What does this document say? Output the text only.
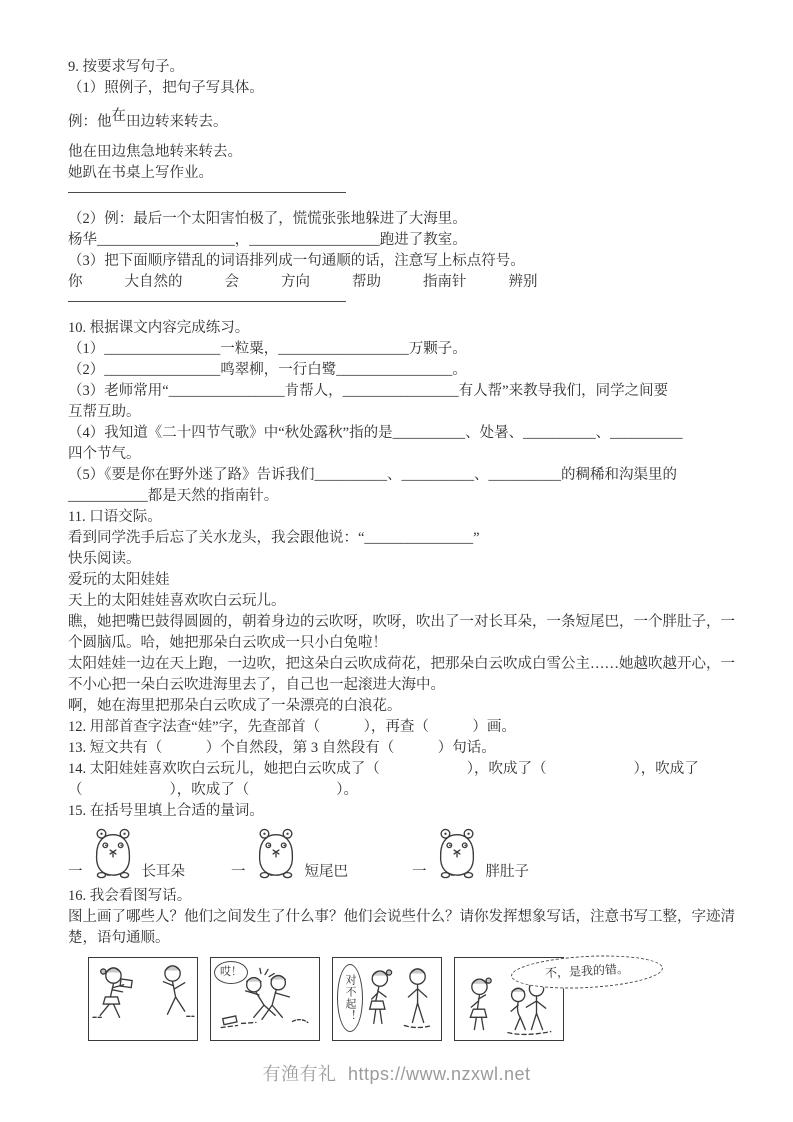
9. 按要求写句子。
（1）照例子，把句子写具体。
例：他在田边转来转去。
他在田边焦急地转来转去。
她趴在书桌上写作业。
（2）例：最后一个太阳害怕极了，慌慌张张地躲进了大海里。
杨华___________________，__________________跑进了教室。
（3）把下面顺序错乱的词语排列成一句通顺的话，注意写上标点符号。
你	大自然的	会	方向	帮助	指南针	辨别
10. 根据课文内容完成练习。
（1）________________一粒粟，__________________万颗子。
（2）________________鸣翠柳，一行白鹭________________。
（3）老师常用“________________肯帮人，________________有人帮”来教导我们，同学之间要
互帮互助。
（4）我知道《二十四节气歌》中“秋处露秋”指的是__________、处暑、__________、__________
四个节气。
（5）《要是你在野外迷了路》告诉我们__________、__________、__________的稠稀和沟渠里的
___________都是天然的指南针。
11. 口语交际。
看到同学洗手后忘了关水龙头，我会跟他说：“_______________”
快乐阅读。
爱玩的太阳娃娃
天上的太阳娃娃喜欢吹白云玩儿。
瞧，她把嘴巴鼓得圆圆的，朝着身边的云吹呀，吹呀，吹出了一对长耳朵，一条短尾巴，一个胖肚子，一
个圆脑瓜。哈，她把那朵白云吹成一只小白兔啦！
太阳娃娃一边在天上跑，一边吹，把这朵白云吹成荷花，把那朵白云吹成白雪公主……她越吹越开心，一
不小心把一朵白云吹进海里去了，自己也一起滚进大海中。
啊，她在海里把那朵白云吹成了一朵漂亮的白浪花。
12. 用部首查字法查“娃”字，先查部首（　　　），再查（　　　）画。
13. 短文共有（　　　）个自然段，第 3 自然段有（　　　）句话。
14. 太阳娃娃喜欢吹白云玩儿，她把白云吹成了（　　　　　　），吹成了（　　　　　　），吹成了
（　　　　　　），吹成了（　　　　　　）。
15. 在括号里填上合适的量词。
一	长耳朵	一	短尾巴	一	胖肚子
16. 我会看图写话。
图上画了哪些人？他们之间发生了什么事？他们会说些什么？请你发挥想象写话，注意书写工整，字迹清
楚，语句通顺。
哎！
对不起！
不，是我的错。
有渔有礼 https://www.nzxwl.net
